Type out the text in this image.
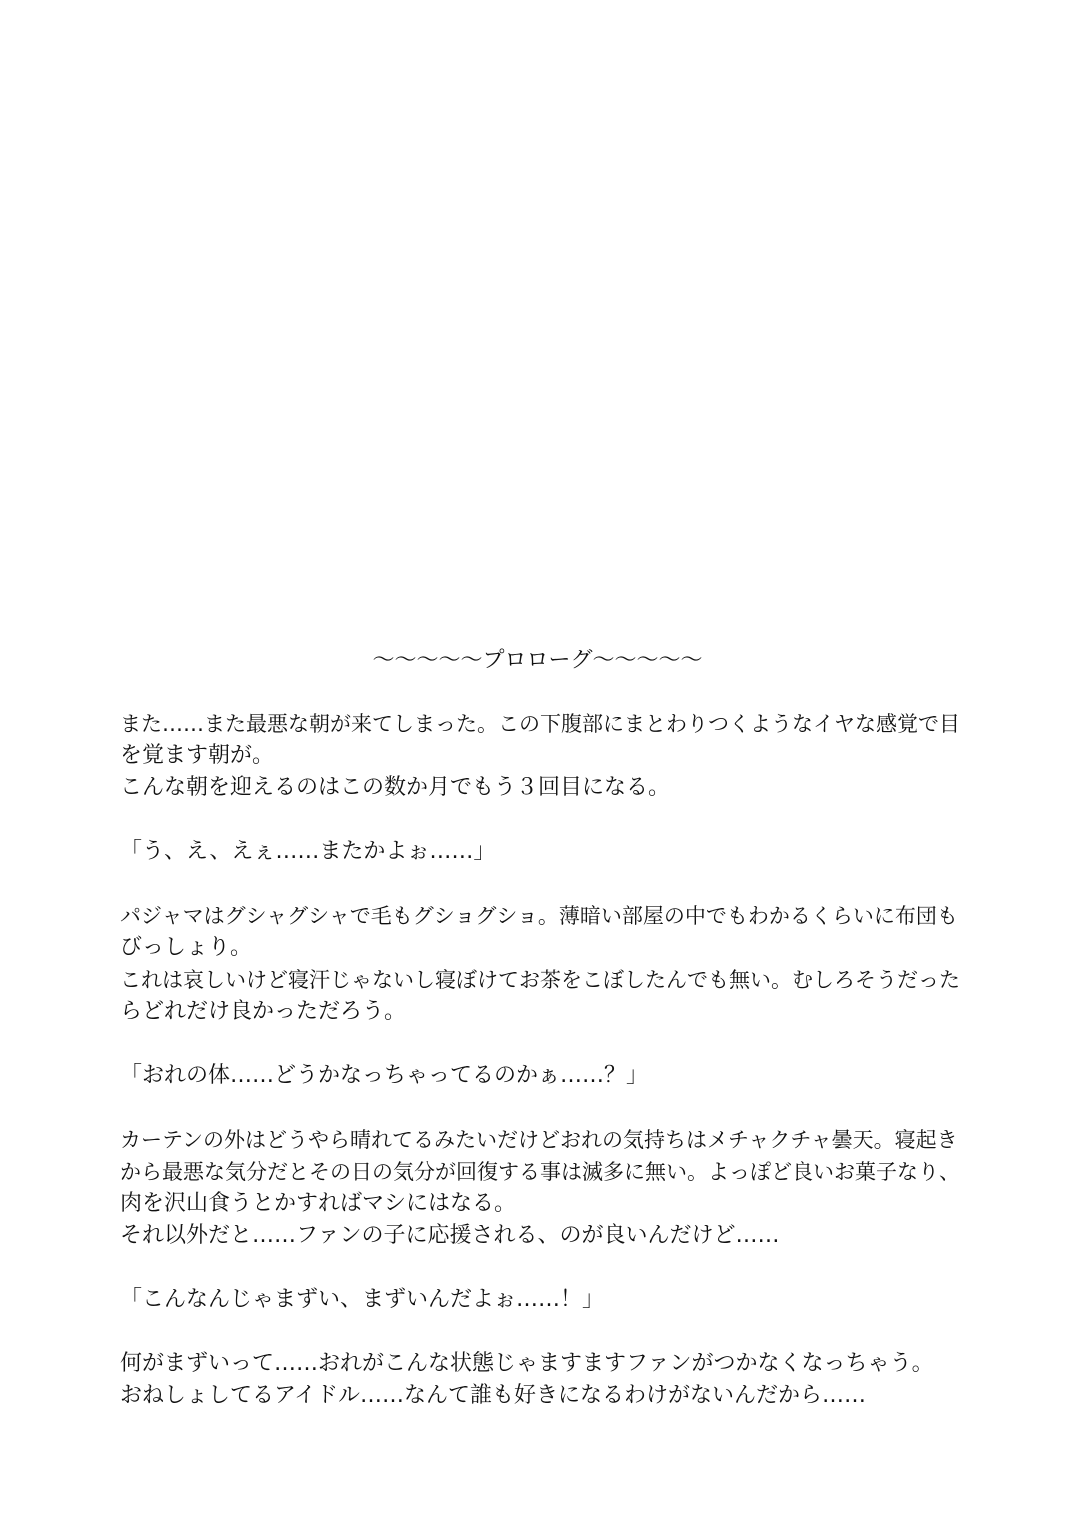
～～～～～プロローグ～～～～～
また……また最悪な朝が来てしまった。この下腹部にまとわりつくようなイヤな感覚で目
を覚ます朝が。
こんな朝を迎えるのはこの数か月でもう３回目になる。
「う、え、えぇ……またかよぉ……」
パジャマはグシャグシャで毛もグショグショ。薄暗い部屋の中でもわかるくらいに布団も
びっしょり。
これは哀しいけど寝汗じゃないし寝ぼけてお茶をこぼしたんでも無い。むしろそうだった
らどれだけ良かっただろう。
「おれの体……どうかなっちゃってるのかぁ……？」
カーテンの外はどうやら晴れてるみたいだけどおれの気持ちはメチャクチャ曇天。寝起き
から最悪な気分だとその日の気分が回復する事は滅多に無い。よっぽど良いお菓子なり、
肉を沢山食うとかすればマシにはなる。
それ以外だと……ファンの子に応援される、のが良いんだけど……
「こんなんじゃまずい、まずいんだよぉ……！」
何がまずいって……おれがこんな状態じゃますますファンがつかなくなっちゃう。
おねしょしてるアイドル……なんて誰も好きになるわけがないんだから……
